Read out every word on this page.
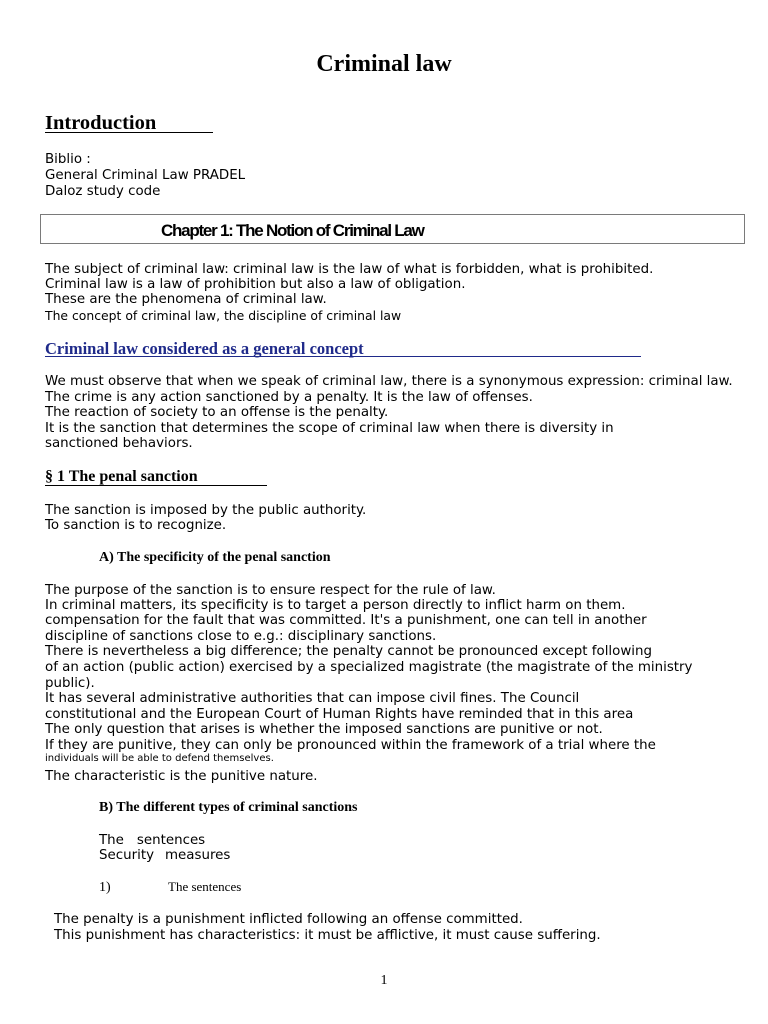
Criminal law
Introduction
Biblio :
General Criminal Law PRADEL
Daloz study code
Chapter 1: The Notion of Criminal Law
The subject of criminal law: criminal law is the law of what is forbidden, what is prohibited.
Criminal law is a law of prohibition but also a law of obligation.
These are the phenomena of criminal law.
The concept of criminal law, the discipline of criminal law
Criminal law considered as a general concept
We must observe that when we speak of criminal law, there is a synonymous expression: criminal law.
The crime is any action sanctioned by a penalty. It is the law of offenses.
The reaction of society to an offense is the penalty.
It is the sanction that determines the scope of criminal law when there is diversity in
sanctioned behaviors.
§ 1 The penal sanction
The sanction is imposed by the public authority.
To sanction is to recognize.
A) The specificity of the penal sanction
The purpose of the sanction is to ensure respect for the rule of law.
In criminal matters, its specificity is to target a person directly to inflict harm on them.
compensation for the fault that was committed. It's a punishment, one can tell in another
discipline of sanctions close to e.g.: disciplinary sanctions.
There is nevertheless a big difference; the penalty cannot be pronounced except following
of an action (public action) exercised by a specialized magistrate (the magistrate of the ministry
public).
It has several administrative authorities that can impose civil fines. The Council
constitutional and the European Court of Human Rights have reminded that in this area
The only question that arises is whether the imposed sanctions are punitive or not.
If they are punitive, they can only be pronounced within the framework of a trial where the
individuals will be able to defend themselves.
The characteristic is the punitive nature.
B) The different types of criminal sanctions
The sentences
Security measures
1)	The sentences
The penalty is a punishment inflicted following an offense committed.
This punishment has characteristics: it must be afflictive, it must cause suffering.
1
